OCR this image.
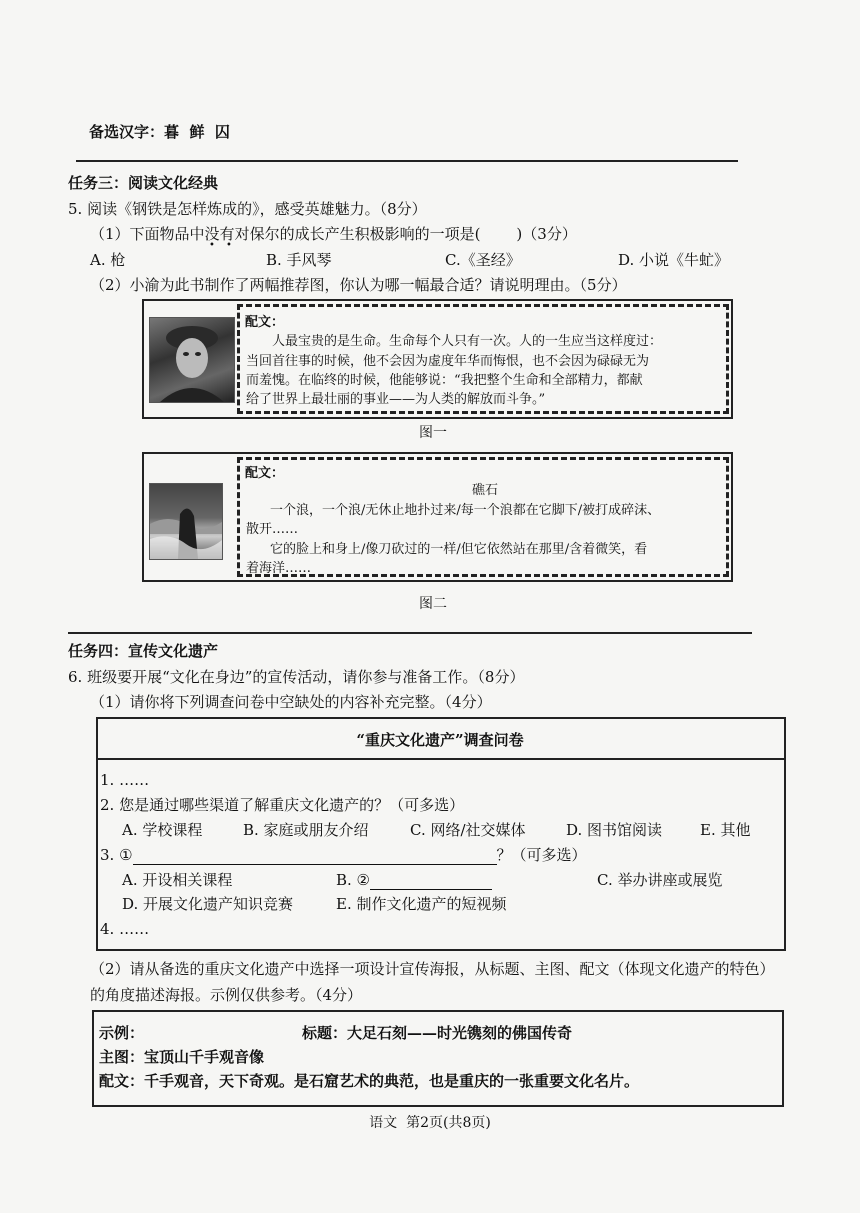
备选汉字：暮  鲜  囚
任务三：阅读文化经典
5. 阅读《钢铁是怎样炼成的》，感受英雄魅力。（8分）
（1）下面物品中没有对保尔的成长产生积极影响的一项是( )（3分）
• •
A. 枪	B. 手风琴	C.《圣经》	D. 小说《牛虻》
（2）小渝为此书制作了两幅推荐图，你认为哪一幅最合适？请说明理由。（5分）
配文：
人最宝贵的是生命。生命每个人只有一次。人的一生应当这样度过：
当回首往事的时候，他不会因为虚度年华而悔恨，也不会因为碌碌无为
而羞愧。在临终的时候，他能够说：“我把整个生命和全部精力，都献
给了世界上最壮丽的事业——为人类的解放而斗争。”
图一
配文：
礁石
一个浪，一个浪/无休止地扑过来/每一个浪都在它脚下/被打成碎沫、
散开……
它的脸上和身上/像刀砍过的一样/但它依然站在那里/含着微笑，看
着海洋……
图二
任务四：宣传文化遗产
6. 班级要开展“文化在身边”的宣传活动，请你参与准备工作。（8分）
（1）请你将下列调查问卷中空缺处的内容补充完整。（4分）
“重庆文化遗产”调查问卷
1. ……
2. 您是通过哪些渠道了解重庆文化遗产的？（可多选）
A. 学校课程	B. 家庭或朋友介绍	C. 网络/社交媒体	D. 图书馆阅读	E. 其他
3. ①	？（可多选）
A. 开设相关课程	B. ②	C. 举办讲座或展览
D. 开展文化遗产知识竞赛	E. 制作文化遗产的短视频
4. ……
（2）请从备选的重庆文化遗产中选择一项设计宣传海报，从标题、主图、配文（体现文化遗产的特色）
的角度描述海报。示例仅供参考。（4分）
示例：	标题：大足石刻——时光镌刻的佛国传奇
主图：宝顶山千手观音像
配文：千手观音，天下奇观。是石窟艺术的典范，也是重庆的一张重要文化名片。
语文  第2页(共8页)
